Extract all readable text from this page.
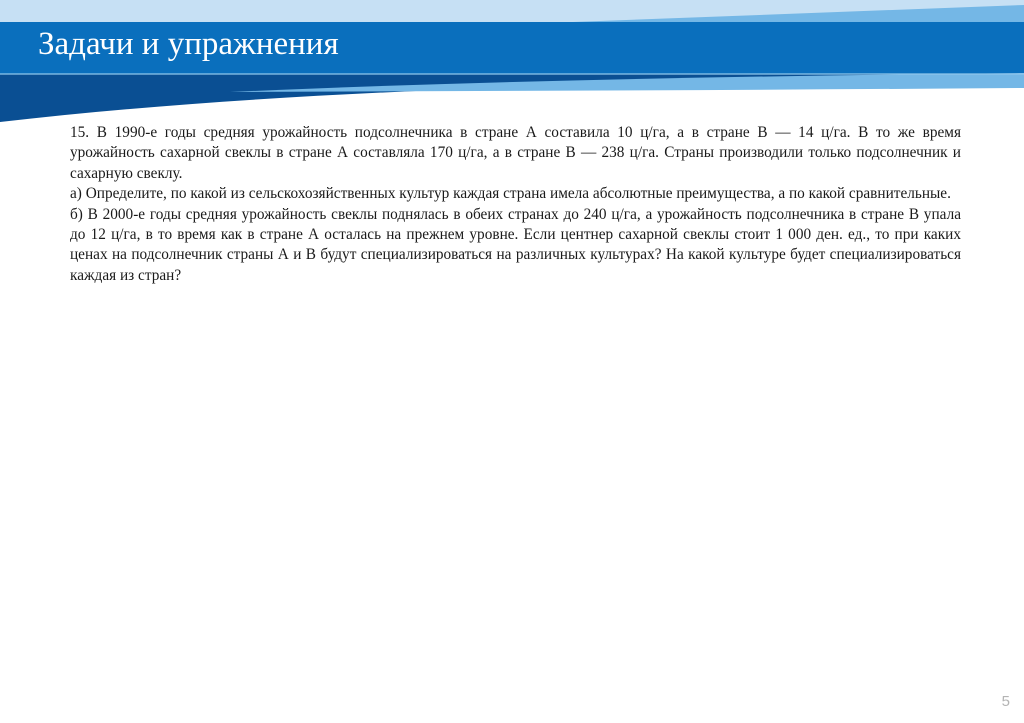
Задачи и упражнения

15. В 1990-е годы средняя урожайность подсолнечника в стране А составила 10 ц/га, а в стране В — 14 ц/га. В то же время урожайность сахарной свеклы в стране А составляла 170 ц/га, а в стране В — 238 ц/га. Страны производили только подсолнечник и сахарную свеклу.

а) Определите, по какой из сельскохозяйственных культур каждая страна имела абсолютные преимущества, а по какой сравнительные.

б) В 2000-е годы средняя урожайность свеклы поднялась в обеих странах до 240 ц/га, а урожайность подсолнечника в стране В упала до 12 ц/га, в то время как в стране А осталась на прежнем уровне. Если центнер сахарной свеклы стоит 1 000 ден. ед., то при каких ценах на подсолнечник страны А и В будут специализироваться на различных культурах? На какой культуре будет специализироваться каждая из стран?

5
